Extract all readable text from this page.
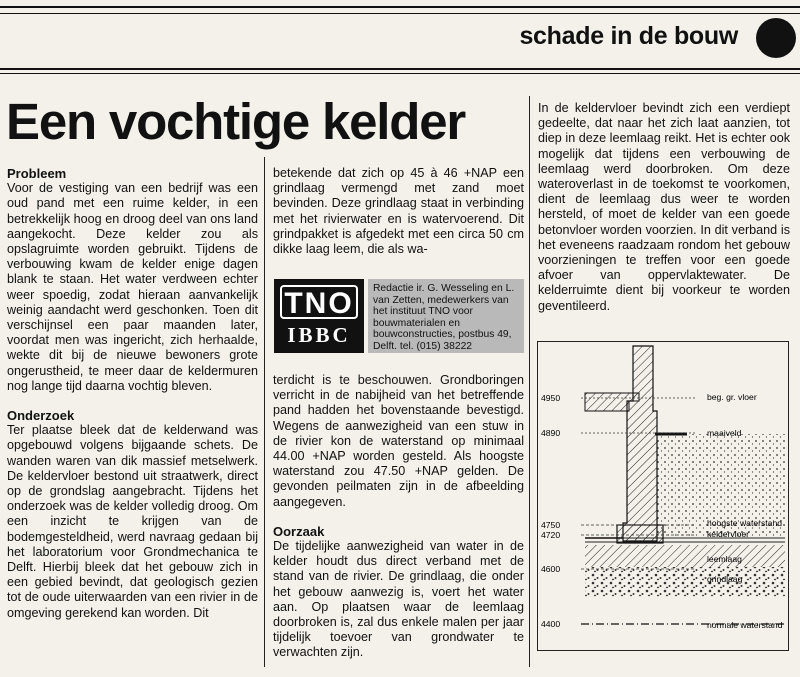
schade in de bouw
Een vochtige kelder
Probleem

Voor de vestiging van een bedrijf was een oud pand met een ruime kelder, in een betrekkelijk hoog en droog deel van ons land aangekocht. Deze kelder zou als opslagruimte worden gebruikt. Tijdens de verbouwing kwam de kelder enige dagen blank te staan. Het water verdween echter weer spoedig, zodat hieraan aanvankelijk weinig aandacht werd geschonken. Toen dit verschijnsel een paar maanden later, voordat men was ingericht, zich herhaalde, wekte dit bij de nieuwe bewoners grote ongerustheid, te meer daar de keldermuren nog lange tijd daarna vochtig bleven.

Onderzoek

Ter plaatse bleek dat de kelderwand was opgebouwd volgens bijgaande schets. De wanden waren van dik massief metselwerk. De keldervloer bestond uit straatwerk, direct op de grondslag aangebracht. Tijdens het onderzoek was de kelder volledig droog. Om een inzicht te krijgen van de bodemgesteldheid, werd navraag gedaan bij het laboratorium voor Grondmechanica te Delft. Hierbij bleek dat het gebouw zich in een gebied bevindt, dat geologisch gezien tot de oude uiterwaarden van een rivier in de omgeving gerekend kan worden. Dit

betekende dat zich op 45 à 46 +NAP een grindlaag vermengd met zand moet bevinden. Deze grindlaag staat in verbinding met het rivierwater en is watervoerend. Dit grindpakket is afgedekt met een circa 50 cm dikke laag leem, die als wa-

TNO
IBBC
Redactie ir. G. Wesseling en L. van Zetten, medewerkers van het instituut TNO voor bouwmaterialen en bouwconstructies, postbus 49, Delft. tel. (015) 38222

terdicht is te beschouwen. Grondboringen verricht in de nabijheid van het betreffende pand hadden het bovenstaande bevestigd. Wegens de aanwezigheid van een stuw in de rivier kon de waterstand op minimaal 44.00 +NAP worden gesteld. Als hoogste waterstand zou 47.50 +NAP gelden. De gevonden peilmaten zijn in de afbeelding aangegeven.

Oorzaak

De tijdelijke aanwezigheid van water in de kelder houdt dus direct verband met de stand van de rivier. De grindlaag, die onder het gebouw aanwezig is, voert het water aan. Op plaatsen waar de leemlaag doorbroken is, zal dus enkele malen per jaar tijdelijk toevoer van grondwater te verwachten zijn.

In de keldervloer bevindt zich een verdiept gedeelte, dat naar het zich laat aanzien, tot diep in deze leemlaag reikt. Het is echter ook mogelijk dat tijdens een verbouwing de leemlaag werd doorbroken. Om deze wateroverlast in de toekomst te voorkomen, dient de leemlaag dus weer te worden hersteld, of moet de kelder van een goede betonvloer worden voorzien. In dit verband is het eveneens raadzaam rondom het gebouw voorzieningen te treffen voor een goede afvoer van oppervlaktewater. De kelderruimte dient bij voorkeur te worden geventileerd.

4950
4890
4750
4720
4600
4400
beg. gr. vloer
maaiveld
hoogste waterstand
keldervloer
leemlaag
grindlaag
normale waterstand
